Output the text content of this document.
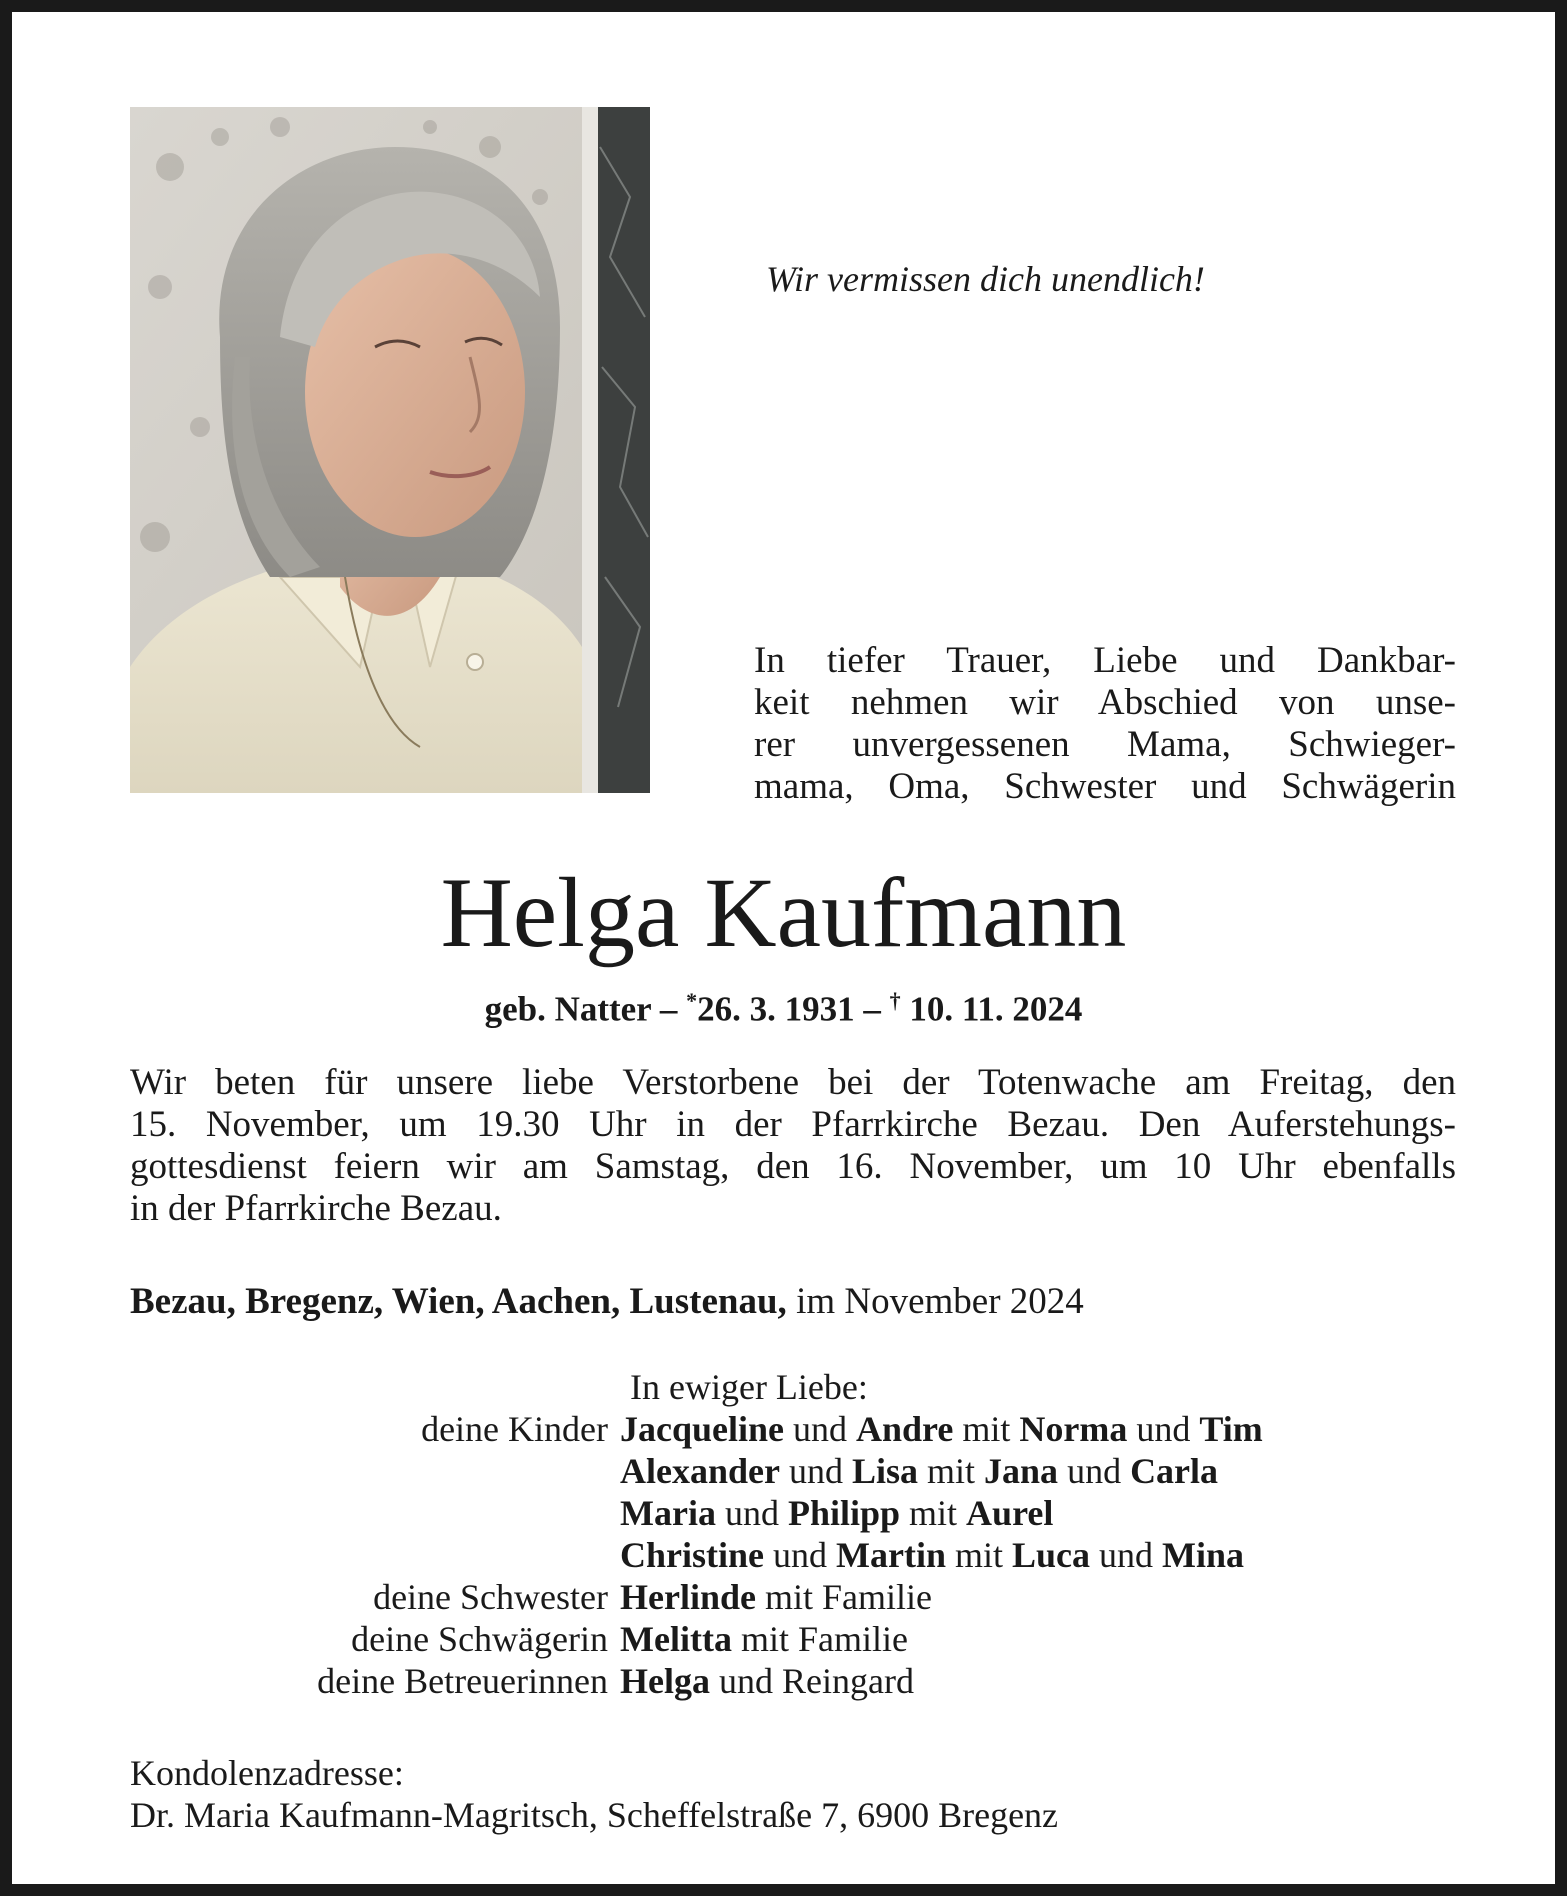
Wir vermissen dich unendlich!
In tiefer Trauer, Liebe und Dankbar-
keit nehmen wir Abschied von unse-
rer unvergessenen Mama, Schwieger-
mama, Oma, Schwester und Schwägerin
Helga Kaufmann
geb. Natter – *26. 3. 1931 – † 10. 11. 2024
Wir beten für unsere liebe Verstorbene bei der Totenwache am Freitag, den
15. November, um 19.30 Uhr in der Pfarrkirche Bezau. Den Auferstehungs-
gottesdienst feiern wir am Samstag, den 16. November, um 10 Uhr ebenfalls
in der Pfarrkirche Bezau.
Bezau, Bregenz, Wien, Aachen, Lustenau, im November 2024
In ewiger Liebe:
deine Kinder Jacqueline und Andre mit Norma und Tim
Alexander und Lisa mit Jana und Carla
Maria und Philipp mit Aurel
Christine und Martin mit Luca und Mina
deine Schwester Herlinde mit Familie
deine Schwägerin Melitta mit Familie
deine Betreuerinnen Helga und Reingard
Kondolenzadresse:
Dr. Maria Kaufmann-Magritsch, Scheffelstraße 7, 6900 Bregenz
